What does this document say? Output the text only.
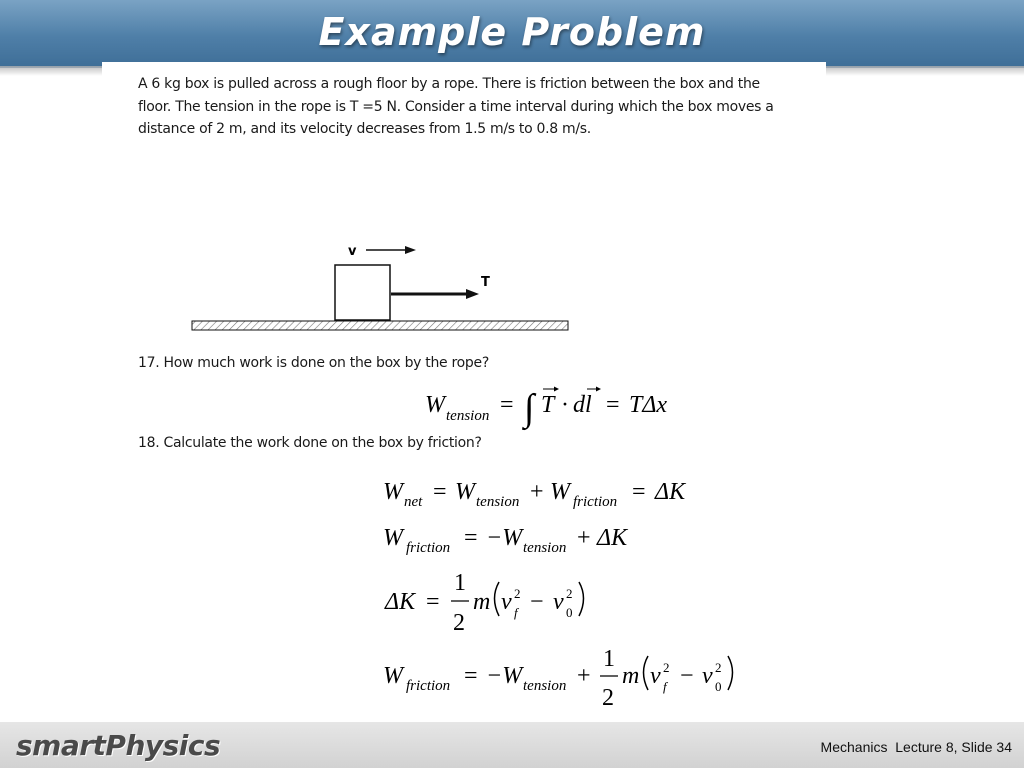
Example Problem
A 6 kg box is pulled across a rough floor by a rope. There is friction between the box and the
floor. The tension in the rope is T =5 N. Consider a time interval during which the box moves a
distance of 2 m, and its velocity decreases from 1.5 m/s to 0.8 m/s.
17. How much work is done on the box by the rope?
18. Calculate the work done on the box by friction?
v
T
W tension = ∫ T · dl = TΔx
W net = W tension + W friction = ΔK
W friction = −W tension + ΔK
ΔK =
1
2
m v 2
f − v 2
0
W friction = −W tension +
1
2
m v 2
f − v 2
0
smartPhysics	Mechanics  Lecture 8, Slide 34
